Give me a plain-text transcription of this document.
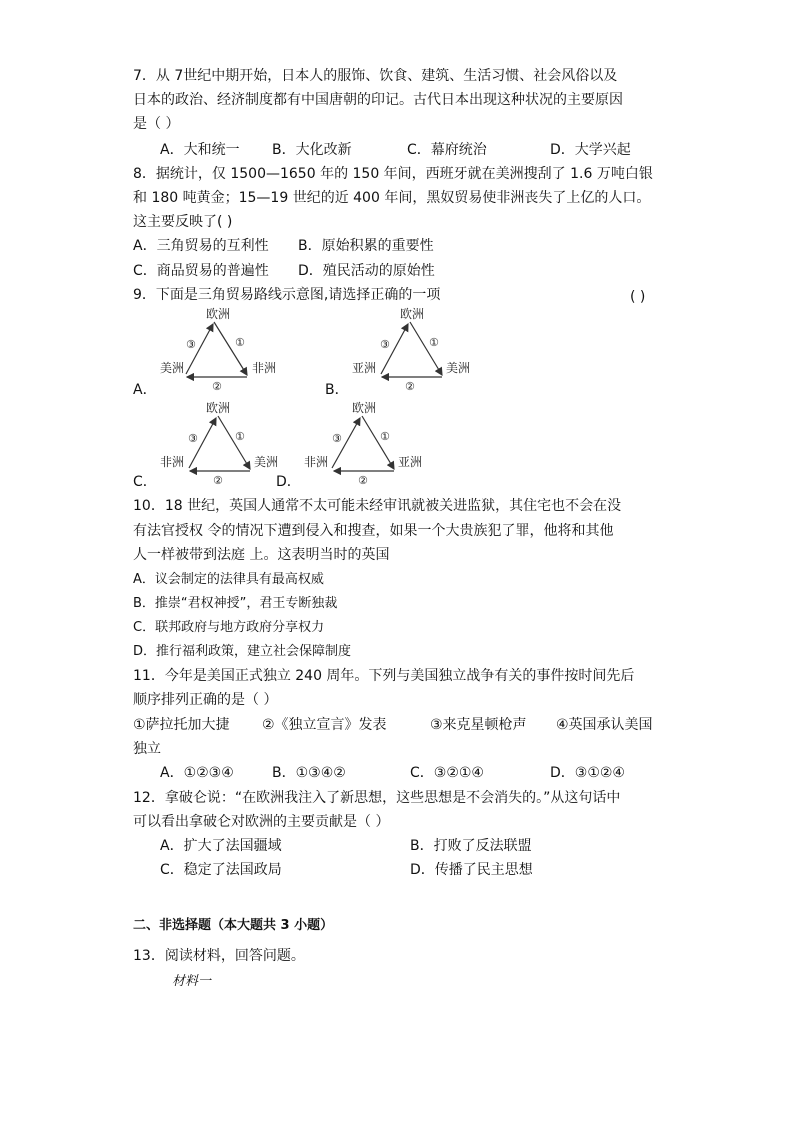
7．从 7世纪中期开始，日本人的服饰、饮食、建筑、生活习惯、社会风俗以及
日本的政治、经济制度都有中国唐朝的印记。古代日本出现这种状况的主要原因
是（ ）
A．大和统一 B．大化改新	C．幕府统治	D．大学兴起
8．据统计，仅 1500—1650 年的 150 年间，西班牙就在美洲搜刮了 1.6 万吨白银
和 180 吨黄金；15—19 世纪的近 400 年间，黑奴贸易使非洲丧失了上亿的人口。
这主要反映了( )
A．三角贸易的互利性 B．原始积累的重要性
C．商品贸易的普遍性 D．殖民活动的原始性
9．下面是三角贸易路线示意图,请选择正确的一项	( )
欧洲
美洲	非洲
①
②
③
A．
欧洲
亚洲	美洲
①
②
③
B．
欧洲
非洲	美洲
①
②
③
C．
欧洲
非洲	亚洲
①
②
③
D．
10．18 世纪，英国人通常不太可能未经审讯就被关进监狱，其住宅也不会在没
有法官授权 令的情况下遭到侵入和搜查，如果一个大贵族犯了罪，他将和其他
人一样被带到法庭 上。这表明当时的英国
A．议会制定的法律具有最高权威
B．推崇“君权神授”，君王专断独裁
C．联邦政府与地方政府分享权力
D．推行福利政策，建立社会保障制度
11．今年是美国正式独立 240 周年。下列与美国独立战争有关的事件按时间先后
顺序排列正确的是（ ）
①萨拉托加大捷 ②《独立宣言》发表	③来克星顿枪声 ④英国承认美国
独立
A．①②③④	B．①③④②	C．③②①④	D．③①②④
12．拿破仑说：“在欧洲我注入了新思想，这些思想是不会消失的。”从这句话中
可以看出拿破仑对欧洲的主要贡献是（ ）
A．扩大了法国疆域	B．打败了反法联盟
C．稳定了法国政局	D．传播了民主思想
二、非选择题（本大题共 3 小题）
13．阅读材料，回答问题。
材料一
